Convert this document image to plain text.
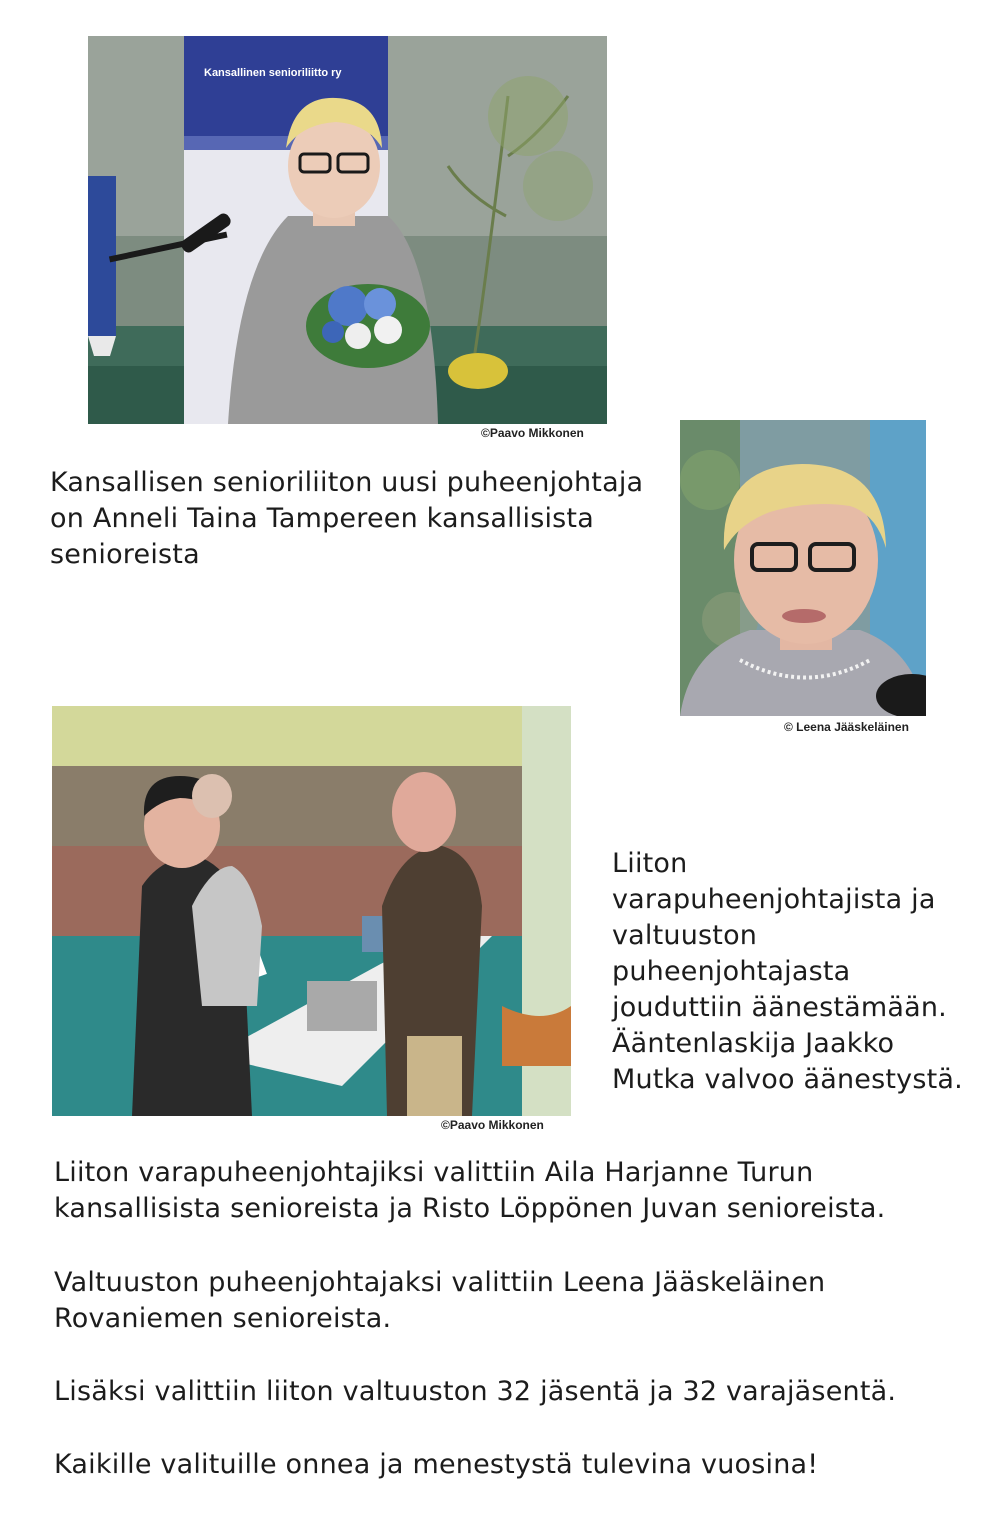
Kansallinen senioriliitto ry
©Paavo Mikkonen
© Leena Jääskeläinen
©Paavo Mikkonen

Kansallisen senioriliiton uusi puheenjohtaja
on Anneli Taina Tampereen kansallisista
senioreista

Liiton
varapuheenjohtajista ja
valtuuston
puheenjohtajasta
jouduttiin äänestämään.
Ääntenlaskija Jaakko
Mutka valvoo äänestystä.

Liiton varapuheenjohtajiksi valittiin Aila Harjanne Turun
kansallisista senioreista ja Risto Löppönen Juvan senioreista.

Valtuuston puheenjohtajaksi valittiin Leena Jääskeläinen
Rovaniemen senioreista.

Lisäksi valittiin liiton valtuuston 32 jäsentä ja 32 varajäsentä.

Kaikille valituille onnea ja menestystä tulevina vuosina!
